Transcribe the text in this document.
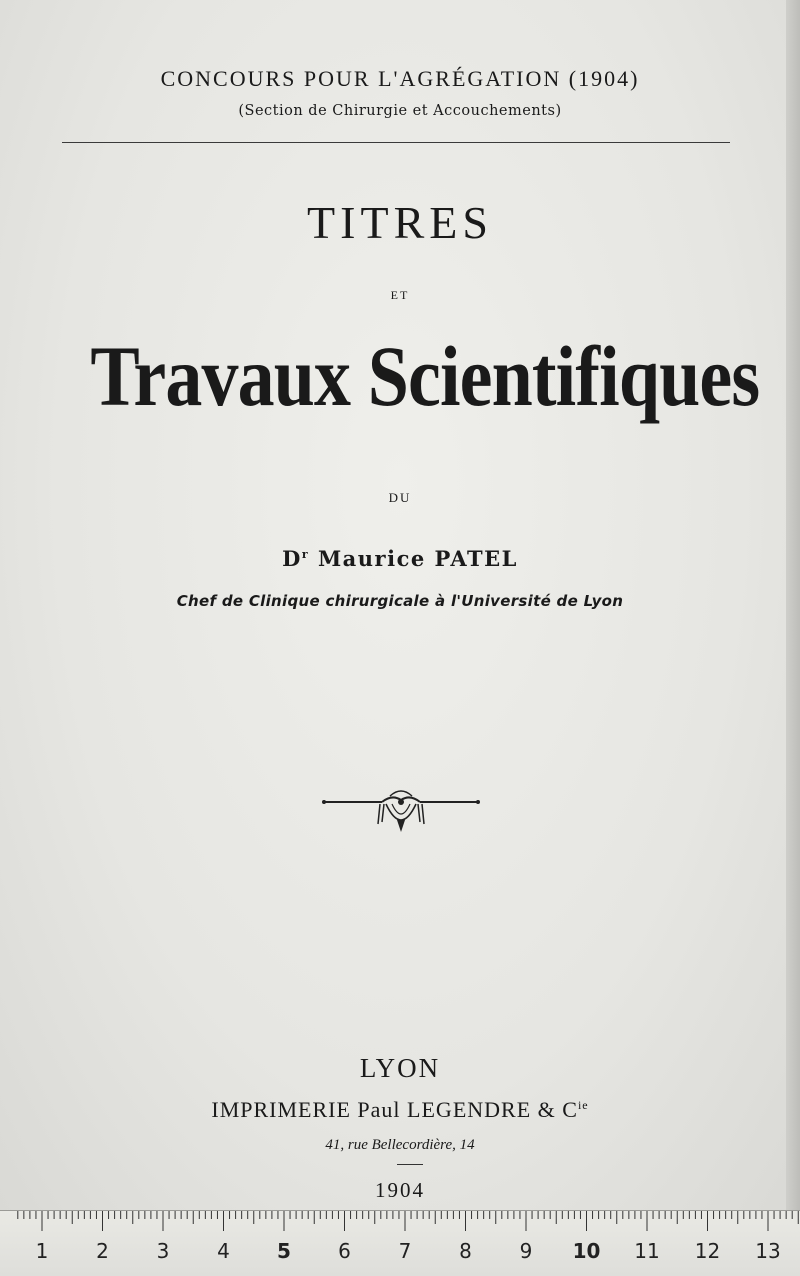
CONCOURS POUR L'AGRÉGATION (1904)
(Section de Chirurgie et Accouchements)
TITRES
ET
Travaux Scientifiques
DU
$D^r$ Maurice PATEL
Chef de Clinique chirurgicale à l'Université de Lyon
LYON
IMPRIMERIE Paul LEGENDRE & $C^{ie}$
41, rue Bellecordière, 14
1904
1	2	3	4	5	6	7	8	9	10 11 12 13
